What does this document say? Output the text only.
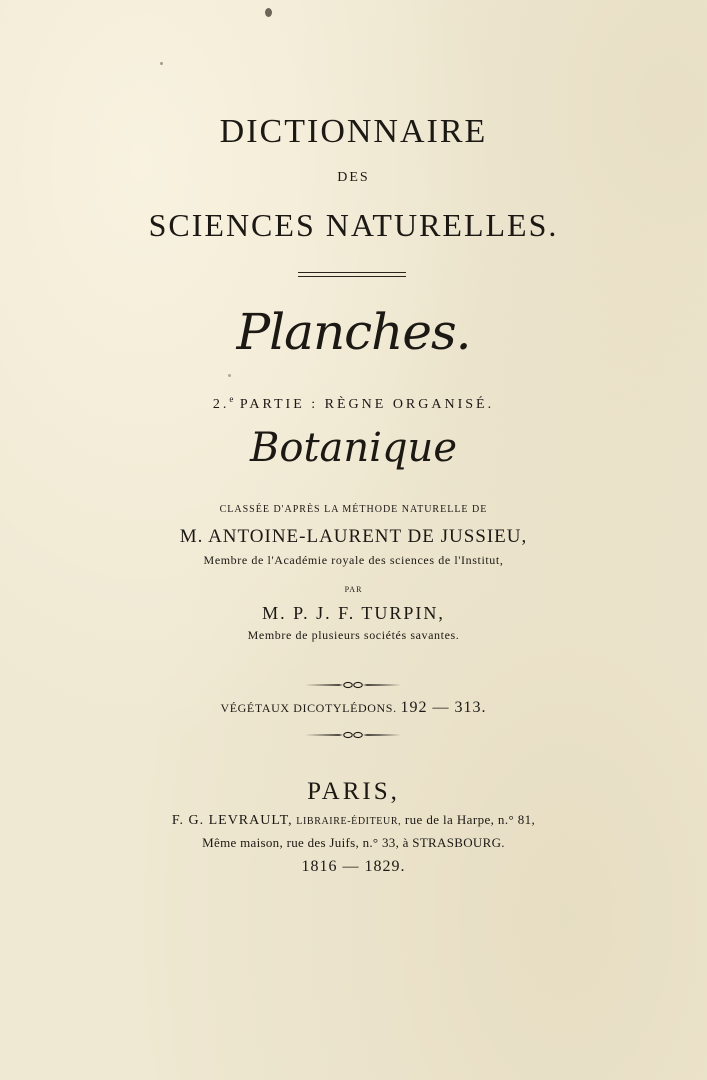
DICTIONNAIRE
DES
SCIENCES NATURELLES.
Planches.
2.$^e$ PARTIE : RÈGNE ORGANISÉ.
Botanique
CLASSÉE D'APRÈS LA MÉTHODE NATURELLE DE
M. ANTOINE-LAURENT DE JUSSIEU,
Membre de l'Académie royale des sciences de l'Institut,
PAR
M. P. J. F. TURPIN,
Membre de plusieurs sociétés savantes.
VÉGÉTAUX DICOTYLÉDONS. 192 — 313.
PARIS,
F. G. LEVRAULT, LIBRAIRE-ÉDITEUR, rue de la Harpe, n.° 81,
Même maison, rue des Juifs, n.° 33, à STRASBOURG.
1816 — 1829.
